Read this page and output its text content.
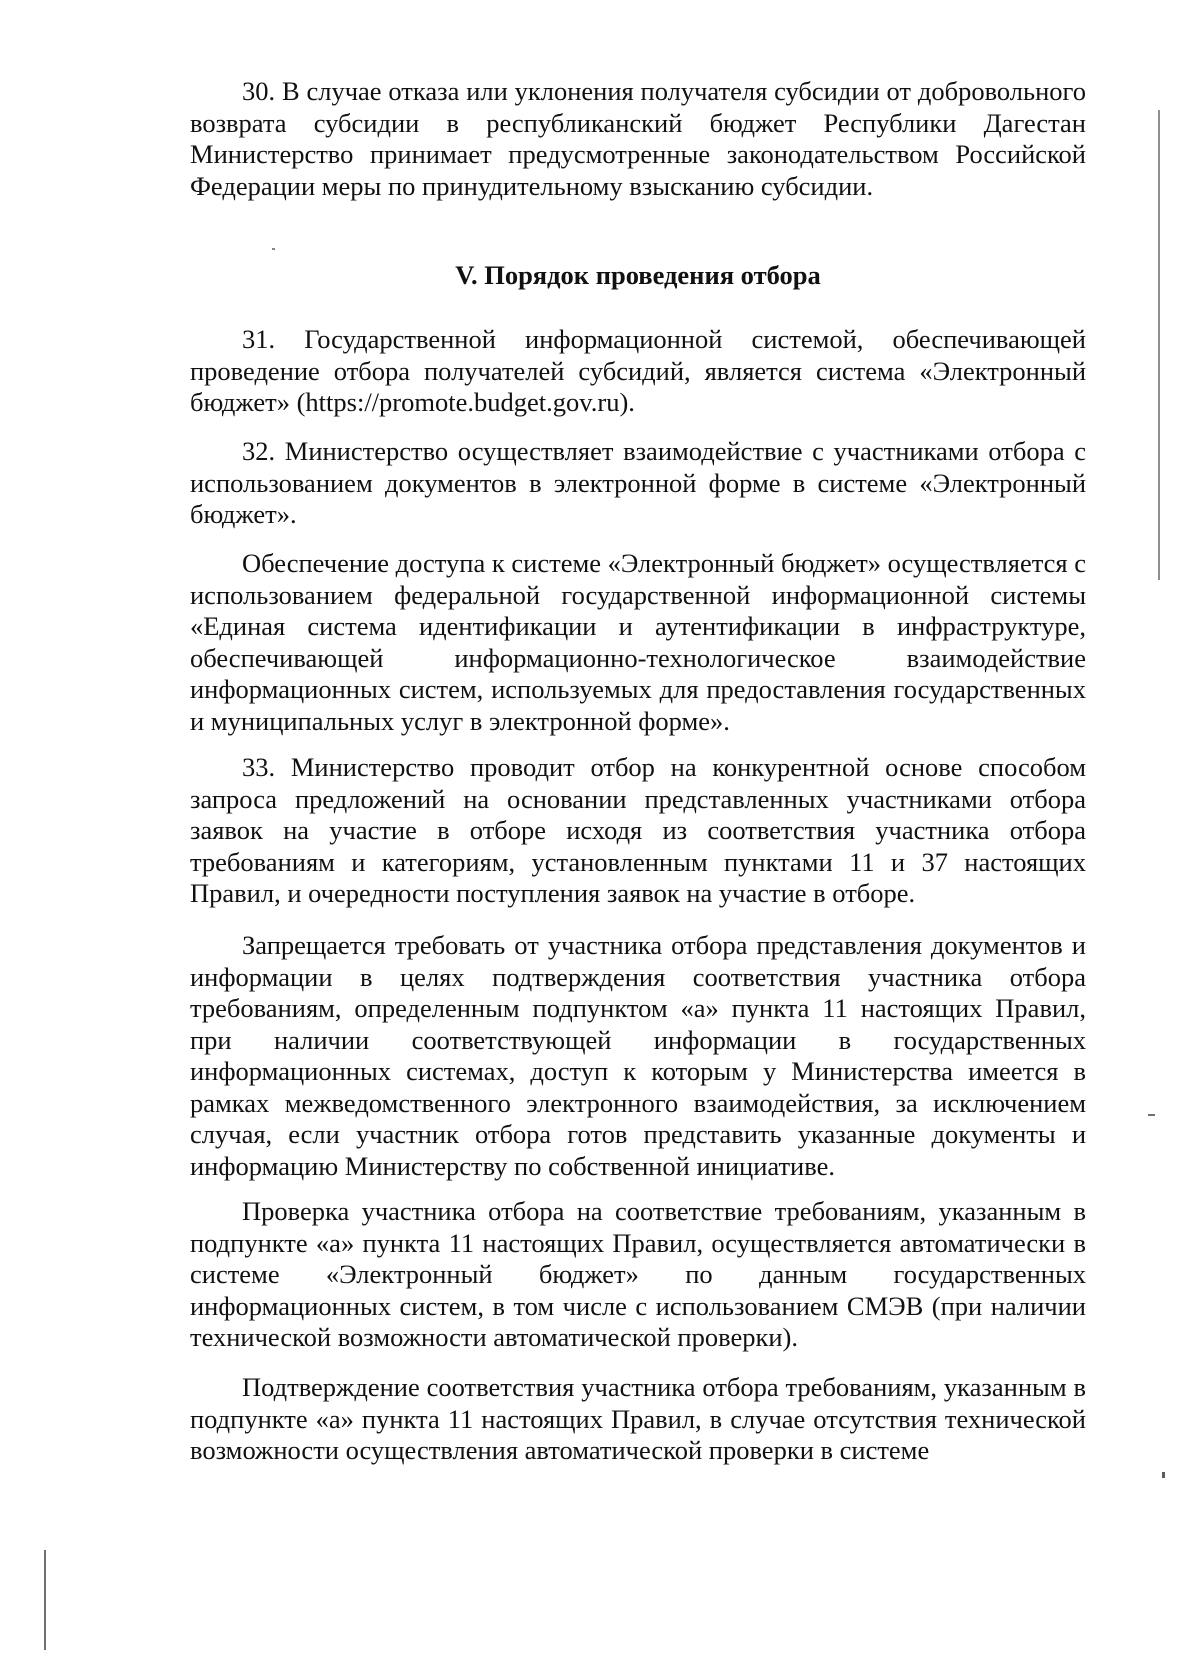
30. В случае отказа или уклонения получателя субсидии от добровольного возврата субсидии в республиканский бюджет Республики Дагестан Министерство принимает предусмотренные законодательством Российской Федерации меры по принудительному взысканию субсидии.

V. Порядок проведения отбора

31. Государственной информационной системой, обеспечивающей проведение отбора получателей субсидий, является система «Электронный бюджет» (https://promote.budget.gov.ru).

32. Министерство осуществляет взаимодействие с участниками отбора с использованием документов в электронной форме в системе «Электронный бюджет».

Обеспечение доступа к системе «Электронный бюджет» осуществляется с использованием федеральной государственной информационной системы «Единая система идентификации и аутентификации в инфраструктуре, обеспечивающей информационно-технологическое взаимодействие информационных систем, используемых для предоставления государственных и муниципальных услуг в электронной форме».

33. Министерство проводит отбор на конкурентной основе способом запроса предложений на основании представленных участниками отбора заявок на участие в отборе исходя из соответствия участника отбора требованиям и категориям, установленным пунктами 11 и 37 настоящих Правил, и очередности поступления заявок на участие в отборе.

Запрещается требовать от участника отбора представления документов и информации в целях подтверждения соответствия участника отбора требованиям, определенным подпунктом «а» пункта 11 настоящих Правил, при наличии соответствующей информации в государственных информационных системах, доступ к которым у Министерства имеется в рамках межведомственного электронного взаимодействия, за исключением случая, если участник отбора готов представить указанные документы и информацию Министерству по собственной инициативе.

Проверка участника отбора на соответствие требованиям, указанным в подпункте «а» пункта 11 настоящих Правил, осуществляется автоматически в системе «Электронный бюджет» по данным государственных информационных систем, в том числе с использованием СМЭВ (при наличии технической возможности автоматической проверки).

Подтверждение соответствия участника отбора требованиям, указанным в подпункте «а» пункта 11 настоящих Правил, в случае отсутствия технической возможности осуществления автоматической проверки в системе
